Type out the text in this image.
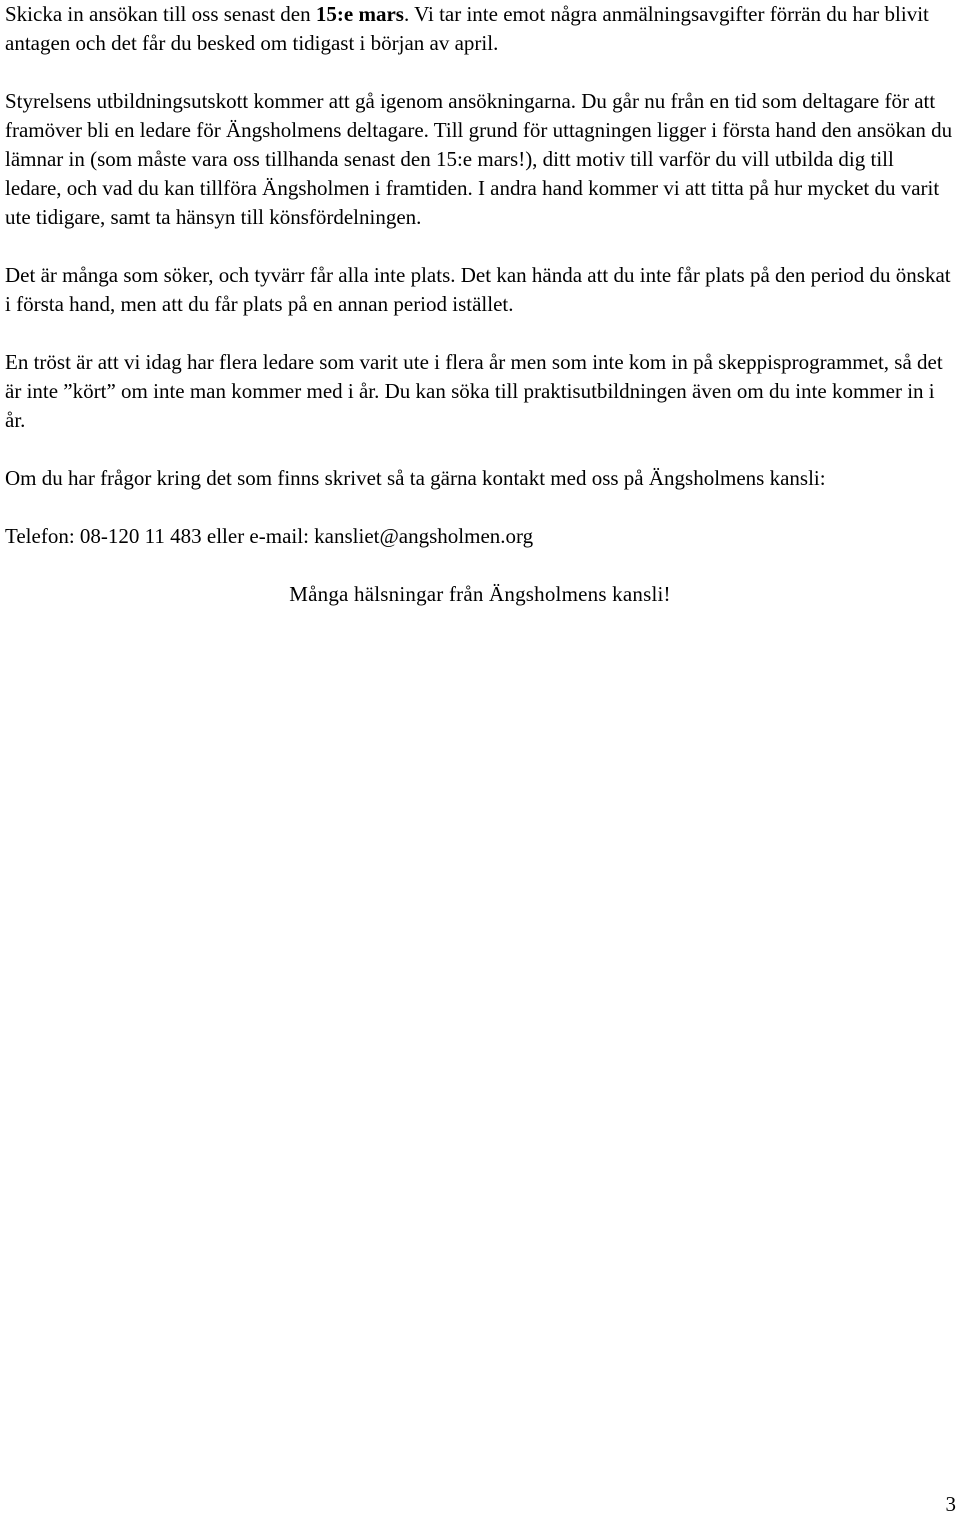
Skicka in ansökan till oss senast den 15:e mars. Vi tar inte emot några anmälningsavgifter förrän du har blivit antagen och det får du besked om tidigast i början av april.

Styrelsens utbildningsutskott kommer att gå igenom ansökningarna. Du går nu från en tid som deltagare för att framöver bli en ledare för Ängsholmens deltagare. Till grund för uttagningen ligger i första hand den ansökan du lämnar in (som måste vara oss tillhanda senast den 15:e mars!), ditt motiv till varför du vill utbilda dig till ledare, och vad du kan tillföra Ängsholmen i framtiden. I andra hand kommer vi att titta på hur mycket du varit ute tidigare, samt ta hänsyn till könsfördelningen.

Det är många som söker, och tyvärr får alla inte plats. Det kan hända att du inte får plats på den period du önskat i första hand, men att du får plats på en annan period istället.

En tröst är att vi idag har flera ledare som varit ute i flera år men som inte kom in på skeppisprogrammet, så det är inte ”kört” om inte man kommer med i år. Du kan söka till praktisutbildningen även om du inte kommer in i år.

Om du har frågor kring det som finns skrivet så ta gärna kontakt med oss på Ängsholmens kansli:

Telefon: 08-120 11 483 eller e-mail: kansliet@angsholmen.org

Många hälsningar från Ängsholmens kansli!

3
